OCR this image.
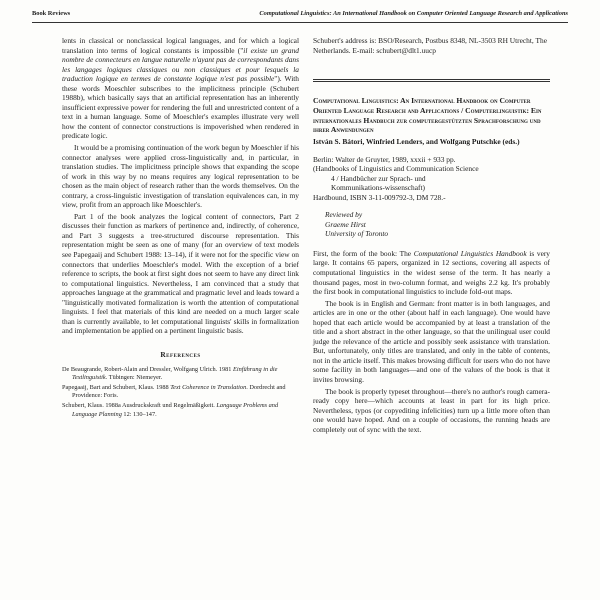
Book Reviews	Computational Linguistics: An International Handbook on Computer Oriented Language Research and Applications

lents in classical or nonclassical logical languages, and for which a logical translation into terms of logical constants is impossible ("il existe un grand nombre de connecteurs en langue naturelle n'ayant pas de correspondants dans les langages logiques classiques ou non classiques et pour lesquels la traduction logique en termes de constante logique n'est pas possible"). With these words Moeschler subscribes to the implicitness principle (Schubert 1988b), which basically says that an artificial representation has an inherently insufficient expressive power for rendering the full and unrestricted content of a text in a human language. Some of Moeschler's examples illustrate very well how the content of connector constructions is impoverished when rendered in predicate logic.

It would be a promising continuation of the work begun by Moeschler if his connector analyses were applied cross-linguistically and, in particular, in translation studies. The implicitness principle shows that expanding the scope of work in this way by no means requires any logical representation to be chosen as the main object of research rather than the words themselves. On the contrary, a cross-linguistic investigation of translation equivalences can, in my view, profit from an approach like Moeschler's.

Part 1 of the book analyzes the logical content of connectors, Part 2 discusses their function as markers of pertinence and, indirectly, of coherence, and Part 3 suggests a tree-structured discourse representation. This representation might be seen as one of many (for an overview of text models see Papegaaij and Schubert 1988: 13–14), if it were not for the specific view on connectors that underlies Moeschler's model. With the exception of a brief reference to scripts, the book at first sight does not seem to have any direct link to computational linguistics. Nevertheless, I am convinced that a study that approaches language at the grammatical and pragmatic level and leads toward a "linguistically motivated formalization is worth the attention of computational linguists. I feel that materials of this kind are needed on a much larger scale than is currently available, to let computational linguists' skills in formalization and implementation be applied on a pertinent linguistic basis.

References
De Beaugrande, Robert-Alain and Dressler, Wolfgang Ulrich. 1981 Einführung in die Textlinguistik. Tübingen: Niemeyer.
Papegaaij, Bart and Schubert, Klaus. 1988 Text Coherence in Translation. Dordrecht and Providence: Foris.
Schubert, Klaus. 1988a Ausdruckskraft und Regelmäßigkeit. Language Problems and Language Planning 12: 130–147.

Schubert's address is: BSO/Research, Postbus 8348, NL-3503 RH Utrecht, The Netherlands. E-mail: schubert@dlt1.uucp

Computational Linguistics: An International Handbook on Computer Oriented Language Research and Applications / Computerlinguistik: Ein internationales Handbuch zur computergestützten Sprachforschung und ihrer Anwendungen
István S. Bátori, Winfried Lenders, and Wolfgang Putschke (eds.)

Berlin: Walter de Gruyter, 1989, xxxii + 933 pp.

(Handbooks of Linguistics and Communication Science

4 / Handbücher zur Sprach- und

Kommunikations-wissenschaft)

Hardbound, ISBN 3-11-009792-3, DM 728.-

Reviewed by
Graeme Hirst
University of Toronto

First, the form of the book: The Computational Linguistics Handbook is very large. It contains 65 papers, organized in 12 sections, covering all aspects of computational linguistics in the widest sense of the term. It has nearly a thousand pages, most in two-column format, and weighs 2.2 kg. It's probably the first book in computational linguistics to include fold-out maps.

The book is in English and German: front matter is in both languages, and articles are in one or the other (about half in each language). One would have hoped that each article would be accompanied by at least a translation of the title and a short abstract in the other language, so that the unilingual user could judge the relevance of the article and possibly seek assistance with translation. But, unfortunately, only titles are translated, and only in the table of contents, not in the article itself. This makes browsing difficult for users who do not have some facility in both languages—and one of the values of the book is that it invites browsing.

The book is properly typeset throughout—there's no author's rough camera-ready copy here—which accounts at least in part for its high price. Nevertheless, typos (or copyediting infelicities) turn up a little more often than one would have hoped. And on a couple of occasions, the running heads are completely out of sync with the text.
